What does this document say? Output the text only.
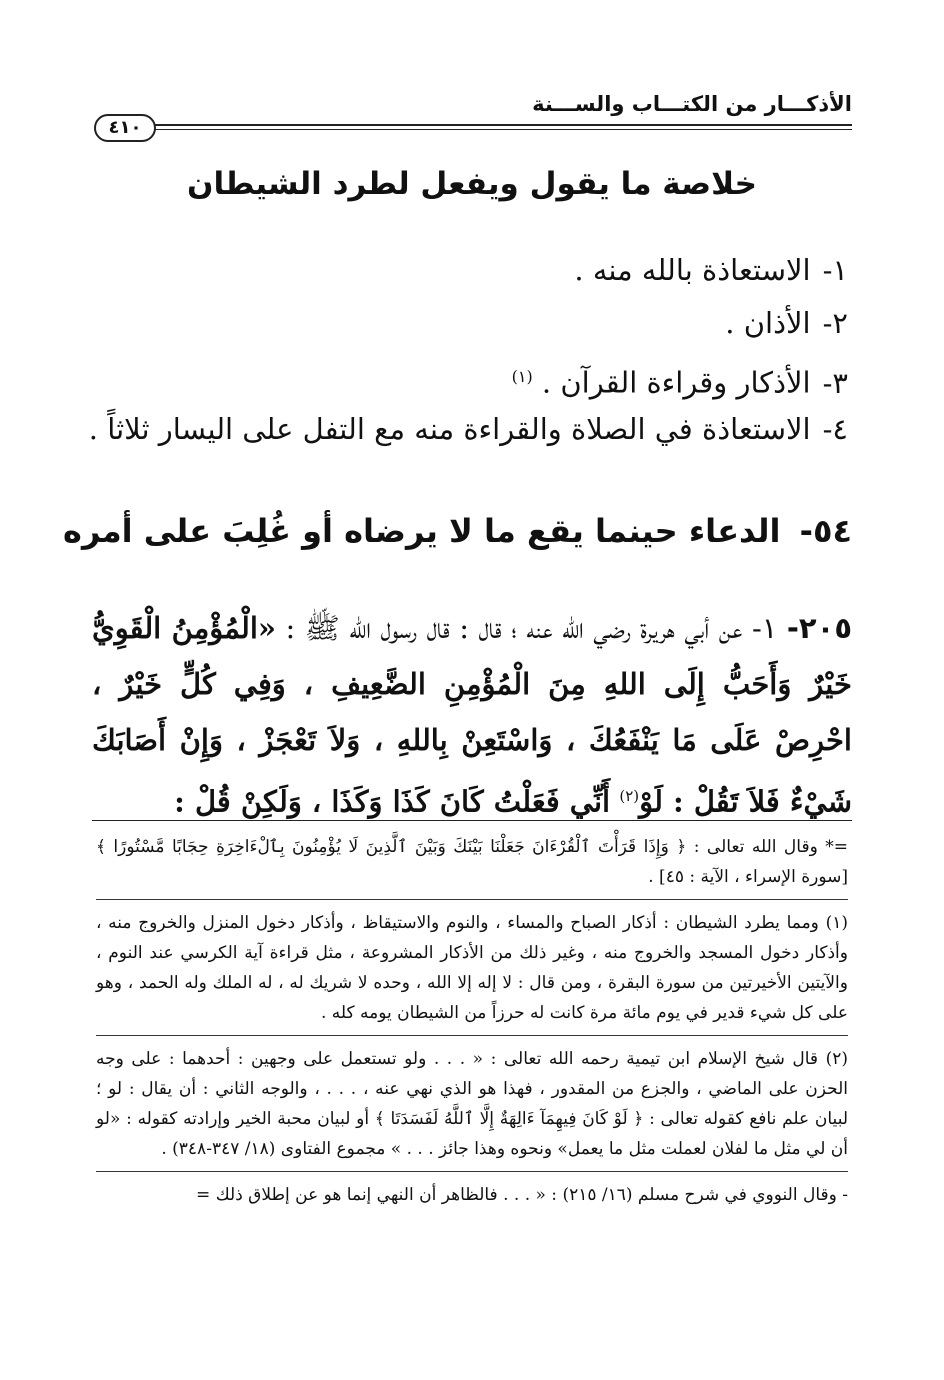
الأذكـــار من الكتـــاب والســـنة
٤١٠
خلاصة ما يقول ويفعل لطرد الشيطان
١-الاستعاذة بالله منه .
٢-الأذان .
٣-الأذكار وقراءة القرآن . $^{(١)}$
٤-الاستعاذة في الصلاة والقراءة منه مع التفل على اليسار ثلاثاً .
٥٤- الدعاء حينما يقع ما لا يرضاه أو غُلِبَ على أمره
٢٠٥- ١- عن أبي هريرة رضي الله عنه ؛ قال : قال رسول الله ﷺ : «الْمُؤْمِنُ الْقَوِيُّ خَيْرٌ وَأَحَبُّ إِلَى اللهِ مِنَ الْمُؤْمِنِ الضَّعِيفِ ، وَفِي كُلٍّ خَيْرٌ ، احْرِصْ عَلَى مَا يَنْفَعُكَ ، وَاسْتَعِنْ بِاللهِ ، وَلاَ تَعْجَزْ ، وَإِنْ أَصَابَكَ شَيْءٌ فَلاَ تَقُلْ : لَوْ$^{(٢)}$ أَنِّي فَعَلْتُ كَانَ كَذَا وَكَذَا ، وَلَكِنْ قُلْ :

=* وقال الله تعالى : ﴿ وَإِذَا قَرَأْتَ ٱلْقُرْءَانَ جَعَلْنَا بَيْنَكَ وَبَيْنَ ٱلَّذِينَ لَا يُؤْمِنُونَ بِٱلْءَاخِرَةِ حِجَابًا مَّسْتُورًا ﴾ [سورة الإسراء ، الآية : ٤٥] .

(١) ومما يطرد الشيطان : أذكار الصباح والمساء ، والنوم والاستيقاظ ، وأذكار دخول المنزل والخروج منه ، وأذكار دخول المسجد والخروج منه ، وغير ذلك من الأذكار المشروعة ، مثل قراءة آية الكرسي عند النوم ، والآيتين الأخيرتين من سورة البقرة ، ومن قال : لا إله إلا الله ، وحده لا شريك له ، له الملك وله الحمد ، وهو على كل شيء قدير في يوم مائة مرة كانت له حرزاً من الشيطان يومه كله .

(٢) قال شيخ الإسلام ابن تيمية رحمه الله تعالى : « . . . ولو تستعمل على وجهين : أحدهما : على وجه الحزن على الماضي ، والجزع من المقدور ، فهذا هو الذي نهي عنه ، . . . ، والوجه الثاني : أن يقال : لو ؛ لبيان علم نافع كقوله تعالى : ﴿ لَوْ كَانَ فِيهِمَآ ءَالِهَةٌ إِلَّا ٱللَّهُ لَفَسَدَتَا ﴾ أو لبيان محبة الخير وإرادته كقوله : «لو أن لي مثل ما لفلان لعملت مثل ما يعمل» ونحوه وهذا جائز . . . » مجموع الفتاوى (١٨/ ٣٤٧-٣٤٨) .

- وقال النووي في شرح مسلم (١٦/ ٢١٥) : « . . . فالظاهر أن النهي إنما هو عن إطلاق ذلك =
